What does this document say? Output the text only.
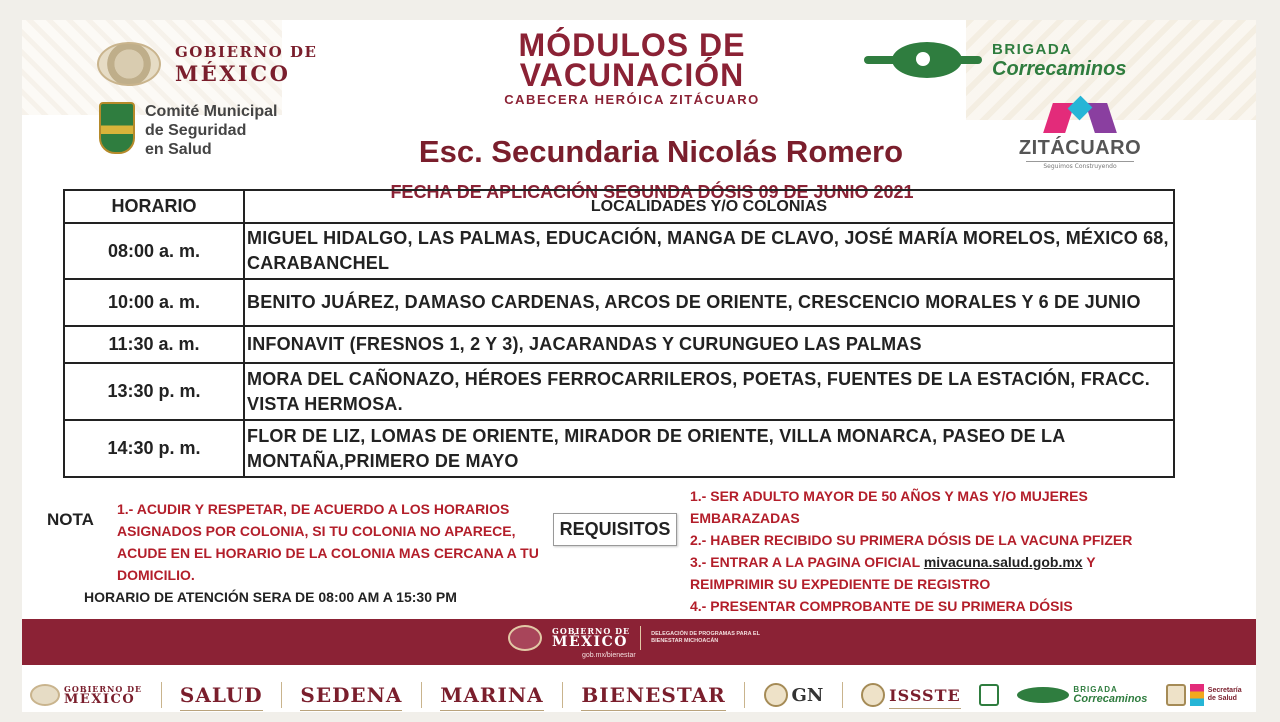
GOBIERNO DE
MÉXICO
Comité Municipal
de Seguridad
en Salud
MÓDULOS DE
VACUNACIÓN
CABECERA HERÓICA ZITÁCUARO
BRIGADA
Correcaminos
ZITÁCUARO
Seguimos Construyendo
Esc. Secundaria Nicolás Romero
FECHA DE APLICACIÓN SEGUNDA DÓSIS 09 DE JUNIO 2021
HORARIO	LOCALIDADES Y/O COLONIAS
08:00 a. m.	MIGUEL HIDALGO, LAS PALMAS, EDUCACIÓN, MANGA DE CLAVO, JOSÉ MARÍA MORELOS, MÉXICO 68, CARABANCHEL
10:00 a. m.	BENITO JUÁREZ, DAMASO CARDENAS, ARCOS DE ORIENTE, CRESCENCIO MORALES Y 6 DE JUNIO
11:30 a. m.	INFONAVIT (FRESNOS 1, 2 Y 3), JACARANDAS Y CURUNGUEO LAS PALMAS
13:30 p. m.	MORA DEL CAÑONAZO, HÉROES FERROCARRILEROS, POETAS, FUENTES DE LA ESTACIÓN, FRACC. VISTA HERMOSA.
14:30 p. m.	FLOR DE LIZ, LOMAS DE ORIENTE, MIRADOR DE ORIENTE, VILLA MONARCA, PASEO DE LA MONTAÑA,PRIMERO DE MAYO
NOTA
1.- ACUDIR Y RESPETAR, DE ACUERDO A LOS HORARIOS ASIGNADOS POR COLONIA, SI TU COLONIA NO APARECE, ACUDE EN EL HORARIO DE LA COLONIA MAS CERCANA A TU DOMICILIO.
HORARIO DE ATENCIÓN SERA DE 08:00 AM A 15:30 PM
REQUISITOS
1.- SER ADULTO MAYOR DE 50 AÑOS Y MAS Y/O MUJERES EMBARAZADAS
2.- HABER RECIBIDO SU PRIMERA DÓSIS DE LA VACUNA PFIZER
3.- ENTRAR A LA PAGINA OFICIAL mivacuna.salud.gob.mx Y REIMPRIMIR SU EXPEDIENTE DE REGISTRO
4.- PRESENTAR COMPROBANTE DE SU PRIMERA DÓSIS
GOBIERNO DE
MÉXICO	DELEGACIÓN DE PROGRAMAS PARA EL BIENESTAR MICHOACÁN
gob.mx/bienestar
GOBIERNO DE
MÉXICO	SALUD SEDENA MARINA BIENESTAR	GN	ISSSTE	BRIGADA
Correcaminos
Secretaría de Salud
